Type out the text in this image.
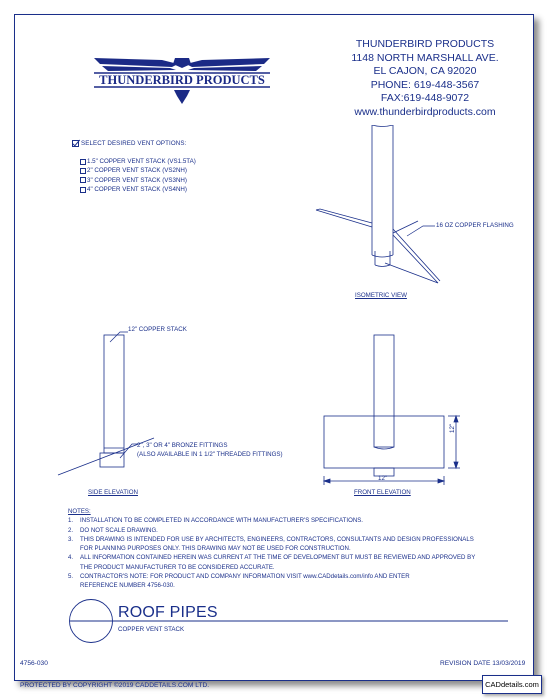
THUNDERBIRD PRODUCTS
THUNDERBIRD PRODUCTS
1148 NORTH MARSHALL AVE.
EL CAJON, CA 92020
PHONE: 619-448-3567
FAX:619-448-9072
www.thunderbirdproducts.com
SELECT DESIRED VENT OPTIONS:
1.5" COPPER VENT STACK (VS1.5TA)
2" COPPER VENT STACK (VS2NH)
3" COPPER VENT STACK (VS3NH)
4" COPPER VENT STACK (VS4NH)
16 OZ COPPER FLASHING
ISOMETRIC VIEW
12" COPPER STACK
2", 3" OR 4" BRONZE FITTINGS
(ALSO AVAILABLE IN 1 1/2" THREADED FITTINGS)
SIDE ELEVATION
12"
12"
FRONT ELEVATION
NOTES:
1.	INSTALLATION TO BE COMPLETED IN ACCORDANCE WITH MANUFACTURER'S SPECIFICATIONS.
2.	DO NOT SCALE DRAWING.
3.	THIS DRAWING IS INTENDED FOR USE BY ARCHITECTS, ENGINEERS, CONTRACTORS, CONSULTANTS AND DESIGN PROFESSIONALS
FOR PLANNING PURPOSES ONLY. THIS DRAWING MAY NOT BE USED FOR CONSTRUCTION.
4.	ALL INFORMATION CONTAINED HEREIN WAS CURRENT AT THE TIME OF DEVELOPMENT BUT MUST BE REVIEWED AND APPROVED BY
THE PRODUCT MANUFACTURER TO BE CONSIDERED ACCURATE.
5.	CONTRACTOR'S NOTE: FOR PRODUCT AND COMPANY INFORMATION VISIT www.CADdetails.com/info AND ENTER
REFERENCE NUMBER 4756-030.
ROOF PIPES
COPPER VENT STACK
4756-030	REVISION DATE 13/03/2019
PROTECTED BY COPYRIGHT ©2019 CADDETAILS.COM LTD.	CADdetails.com
